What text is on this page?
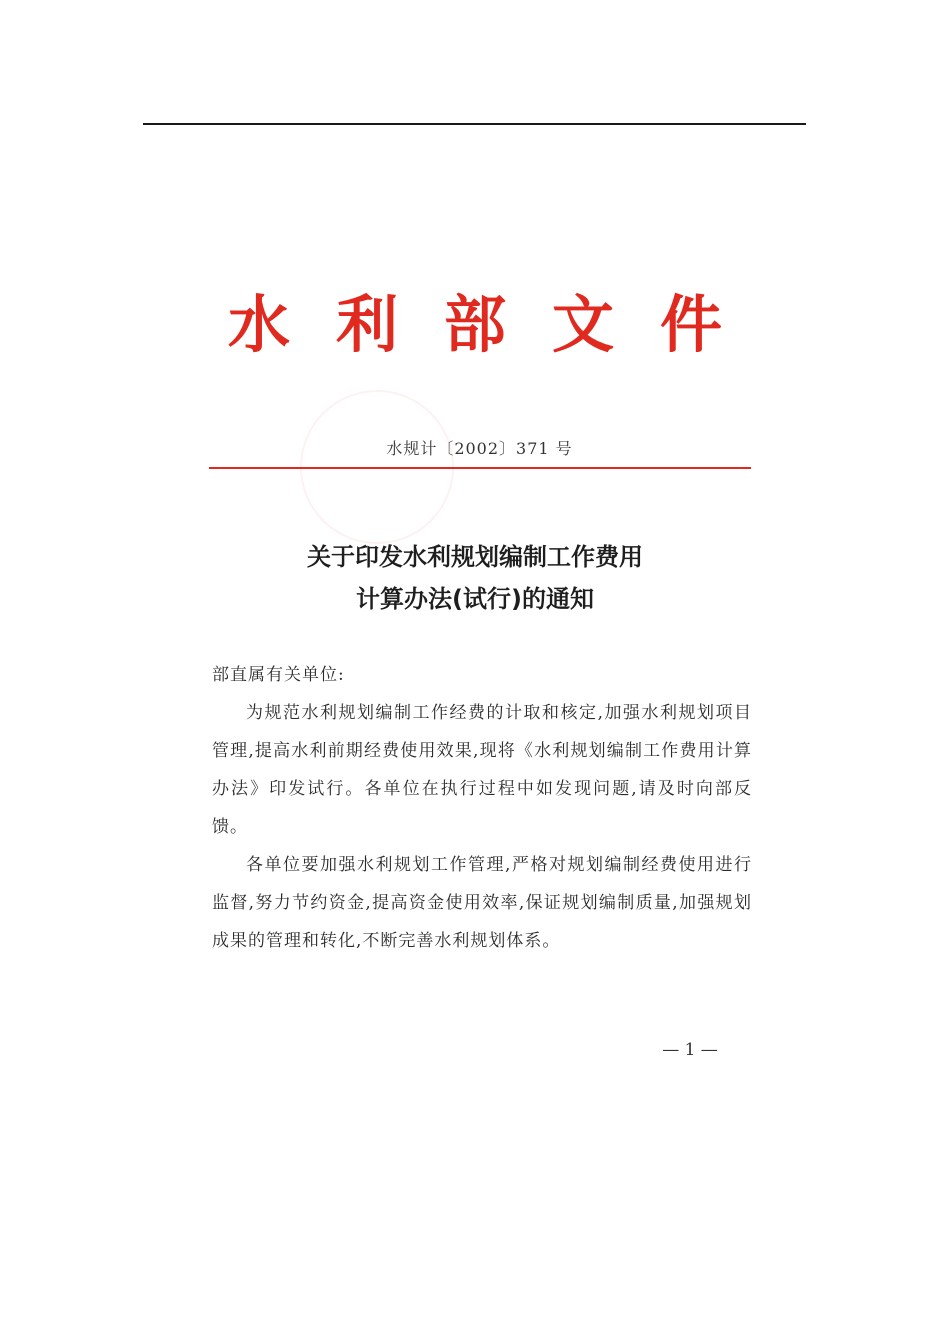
水利部文件
水规计〔2002〕371 号
关于印发水利规划编制工作费用
计算办法(试行)的通知

部直属有关单位:

为规范水利规划编制工作经费的计取和核定,加强水利规划项目管理,提高水利前期经费使用效果,现将《水利规划编制工作费用计算办法》印发试行。各单位在执行过程中如发现问题,请及时向部反馈。

各单位要加强水利规划工作管理,严格对规划编制经费使用进行监督,努力节约资金,提高资金使用效率,保证规划编制质量,加强规划成果的管理和转化,不断完善水利规划体系。

— 1 —
